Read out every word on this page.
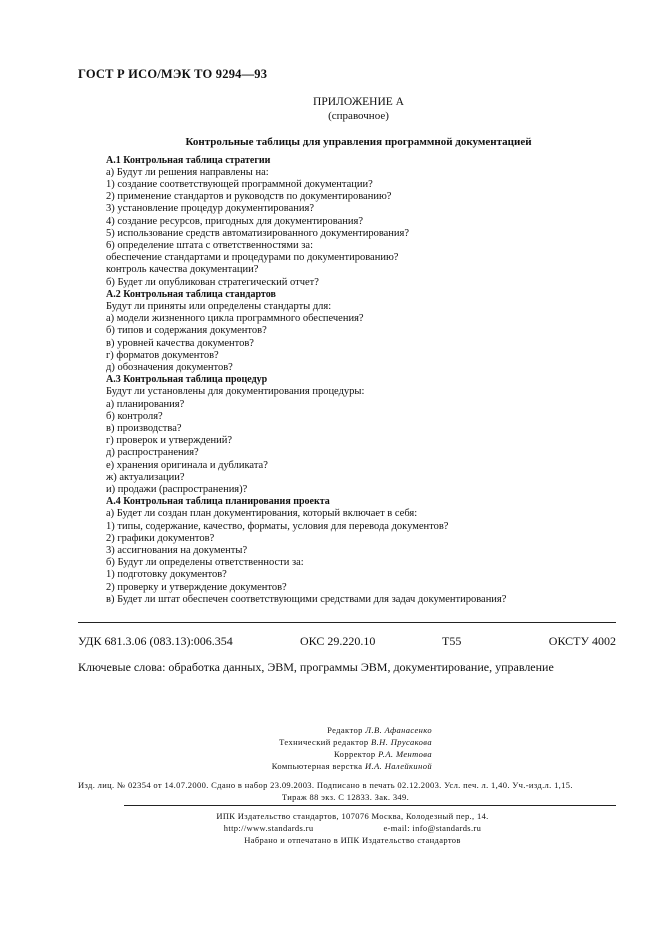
ГОСТ Р ИСО/МЭК ТО 9294—93
ПРИЛОЖЕНИЕ А
(справочное)
Контрольные таблицы для управления программной документацией
А.1 Контрольная таблица стратегии
а) Будут ли решения направлены на:
1) создание соответствующей программной документации?
2) применение стандартов и руководств по документированию?
3) установление процедур документирования?
4) создание ресурсов, пригодных для документирования?
5) использование средств автоматизированного документирования?
6) определение штата с ответственностями за:
обеспечение стандартами и процедурами по документированию?
контроль качества документации?
б) Будет ли опубликован стратегический отчет?
А.2 Контрольная таблица стандартов
Будут ли приняты или определены стандарты для:
а) модели жизненного цикла программного обеспечения?
б) типов и содержания документов?
в) уровней качества документов?
г) форматов документов?
д) обозначения документов?
А.3 Контрольная таблица процедур
Будут ли установлены для документирования процедуры:
а) планирования?
б) контроля?
в) производства?
г) проверок и утверждений?
д) распространения?
е) хранения оригинала и дубликата?
ж) актуализации?
и) продажи (распространения)?
А.4 Контрольная таблица планирования проекта
а) Будет ли создан план документирования, который включает в себя:
1) типы, содержание, качество, форматы, условия для перевода документов?
2) графики документов?
3) ассигнования на документы?
б) Будут ли определены ответственности за:
1) подготовку документов?
2) проверку и утверждение документов?
в) Будет ли штат обеспечен соответствующими средствами для задач документирования?
УДК 681.3.06 (083.13):006.354	ОКС 29.220.10	Т55	ОКСТУ 4002
Ключевые слова: обработка данных, ЭВМ, программы ЭВМ, документирование, управление
Редактор Л.В. Афанасенко
Технический редактор В.Н. Прусакова
Корректор Р.А. Ментова
Компьютерная верстка И.А. Налейкиной
Изд. лиц. № 02354 от 14.07.2000. Сдано в набор 23.09.2003. Подписано в печать 02.12.2003. Усл. печ. л. 1,40. Уч.-изд.л. 1,15.
Тираж 88 экз. С 12833. Зак. 349.
ИПК Издательство стандартов, 107076 Москва, Колодезный пер., 14.
http://www.standards.ru	e-mail: info@standards.ru
Набрано и отпечатано в ИПК Издательство стандартов
